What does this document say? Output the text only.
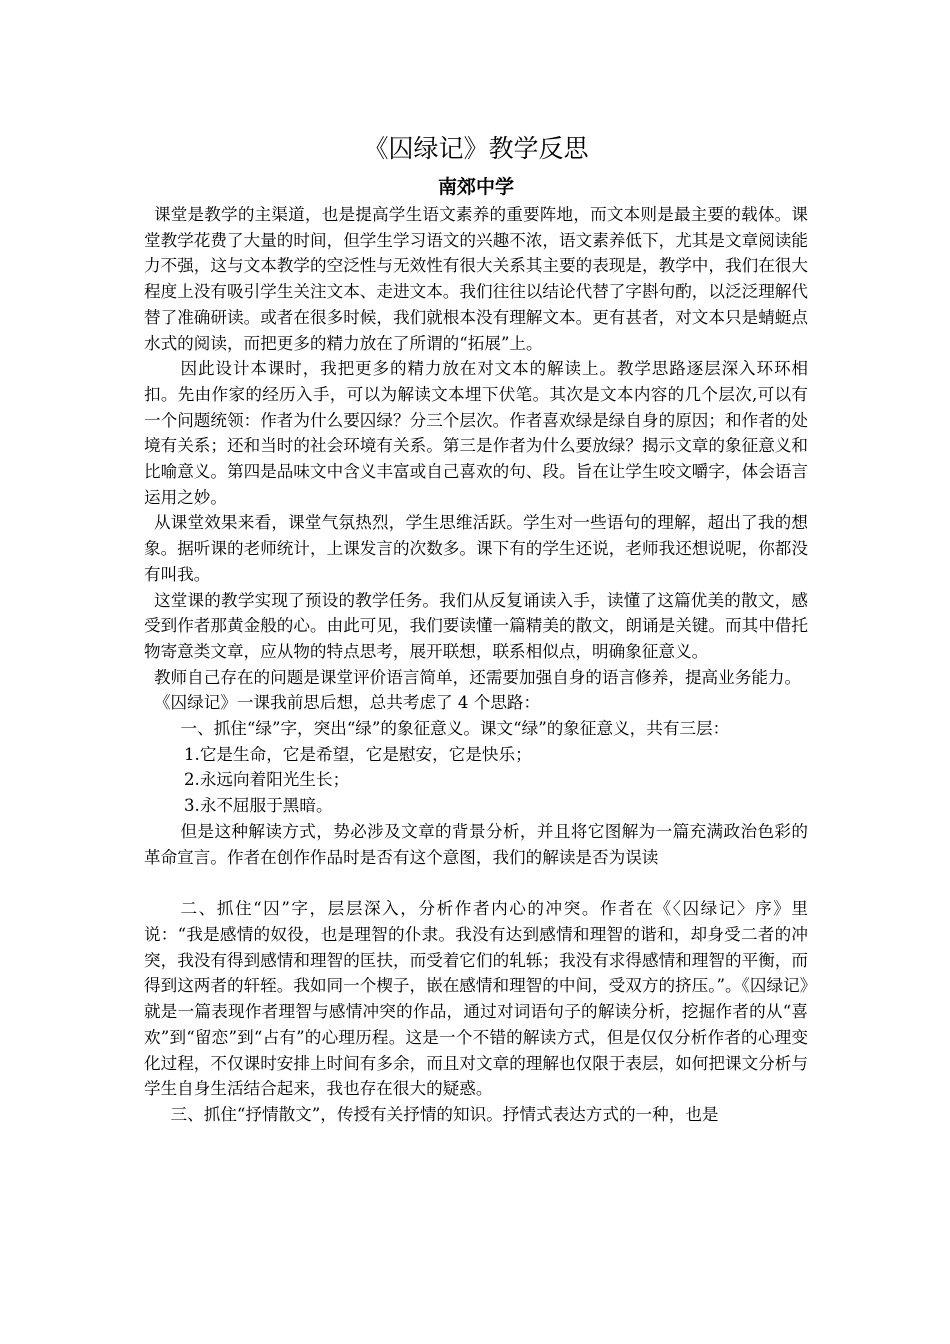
《囚绿记》教学反思
南郊中学

课堂是教学的主渠道，也是提高学生语文素养的重要阵地，而文本则是最主要的载体。课堂教学花费了大量的时间，但学生学习语文的兴趣不浓，语文素养低下，尤其是文章阅读能力不强，这与文本教学的空泛性与无效性有很大关系其主要的表现是，教学中，我们在很大程度上没有吸引学生关注文本、走进文本。我们往往以结论代替了字斟句酌，以泛泛理解代替了准确研读。或者在很多时候，我们就根本没有理解文本。更有甚者，对文本只是蜻蜓点水式的阅读，而把更多的精力放在了所谓的“拓展”上。

因此设计本课时，我把更多的精力放在对文本的解读上。教学思路逐层深入环环相扣。先由作家的经历入手，可以为解读文本埋下伏笔。其次是文本内容的几个层次,可以有一个问题统领：作者为什么要囚绿？分三个层次。作者喜欢绿是绿自身的原因；和作者的处境有关系；还和当时的社会环境有关系。第三是作者为什么要放绿？揭示文章的象征意义和比喻意义。第四是品味文中含义丰富或自己喜欢的句、段。旨在让学生咬文嚼字，体会语言运用之妙。

从课堂效果来看，课堂气氛热烈，学生思维活跃。学生对一些语句的理解，超出了我的想象。据听课的老师统计，上课发言的次数多。课下有的学生还说，老师我还想说呢，你都没有叫我。

这堂课的教学实现了预设的教学任务。我们从反复诵读入手，读懂了这篇优美的散文，感受到作者那黄金般的心。由此可见，我们要读懂一篇精美的散文，朗诵是关键。而其中借托物寄意类文章，应从物的特点思考，展开联想，联系相似点，明确象征意义。

教师自己存在的问题是课堂评价语言简单，还需要加强自身的语言修养，提高业务能力。

《囚绿记》一课我前思后想，总共考虑了 4 个思路：

一、抓住“绿”字，突出“绿”的象征意义。课文“绿”的象征意义，共有三层：

1.它是生命，它是希望，它是慰安，它是快乐；

2.永远向着阳光生长；

3.永不屈服于黑暗。

但是这种解读方式，势必涉及文章的背景分析，并且将它图解为一篇充满政治色彩的革命宣言。作者在创作作品时是否有这个意图，我们的解读是否为误读

二、抓住“囚”字，层层深入，分析作者内心的冲突。作者在《〈囚绿记〉序》里说：“我是感情的奴役，也是理智的仆隶。我没有达到感情和理智的谐和，却身受二者的冲突，我没有得到感情和理智的匡扶，而受着它们的轧轹；我没有求得感情和理智的平衡，而得到这两者的轩轾。我如同一个楔子，嵌在感情和理智的中间，受双方的挤压。”。《囚绿记》就是一篇表现作者理智与感情冲突的作品，通过对词语句子的解读分析，挖掘作者的从“喜欢”到“留恋”到“占有”的心理历程。这是一个不错的解读方式，但是仅仅分析作者的心理变化过程，不仅课时安排上时间有多余，而且对文章的理解也仅限于表层，如何把课文分析与学生自身生活结合起来，我也存在很大的疑惑。

三、抓住“抒情散文”，传授有关抒情的知识。抒情式表达方式的一种，也是
